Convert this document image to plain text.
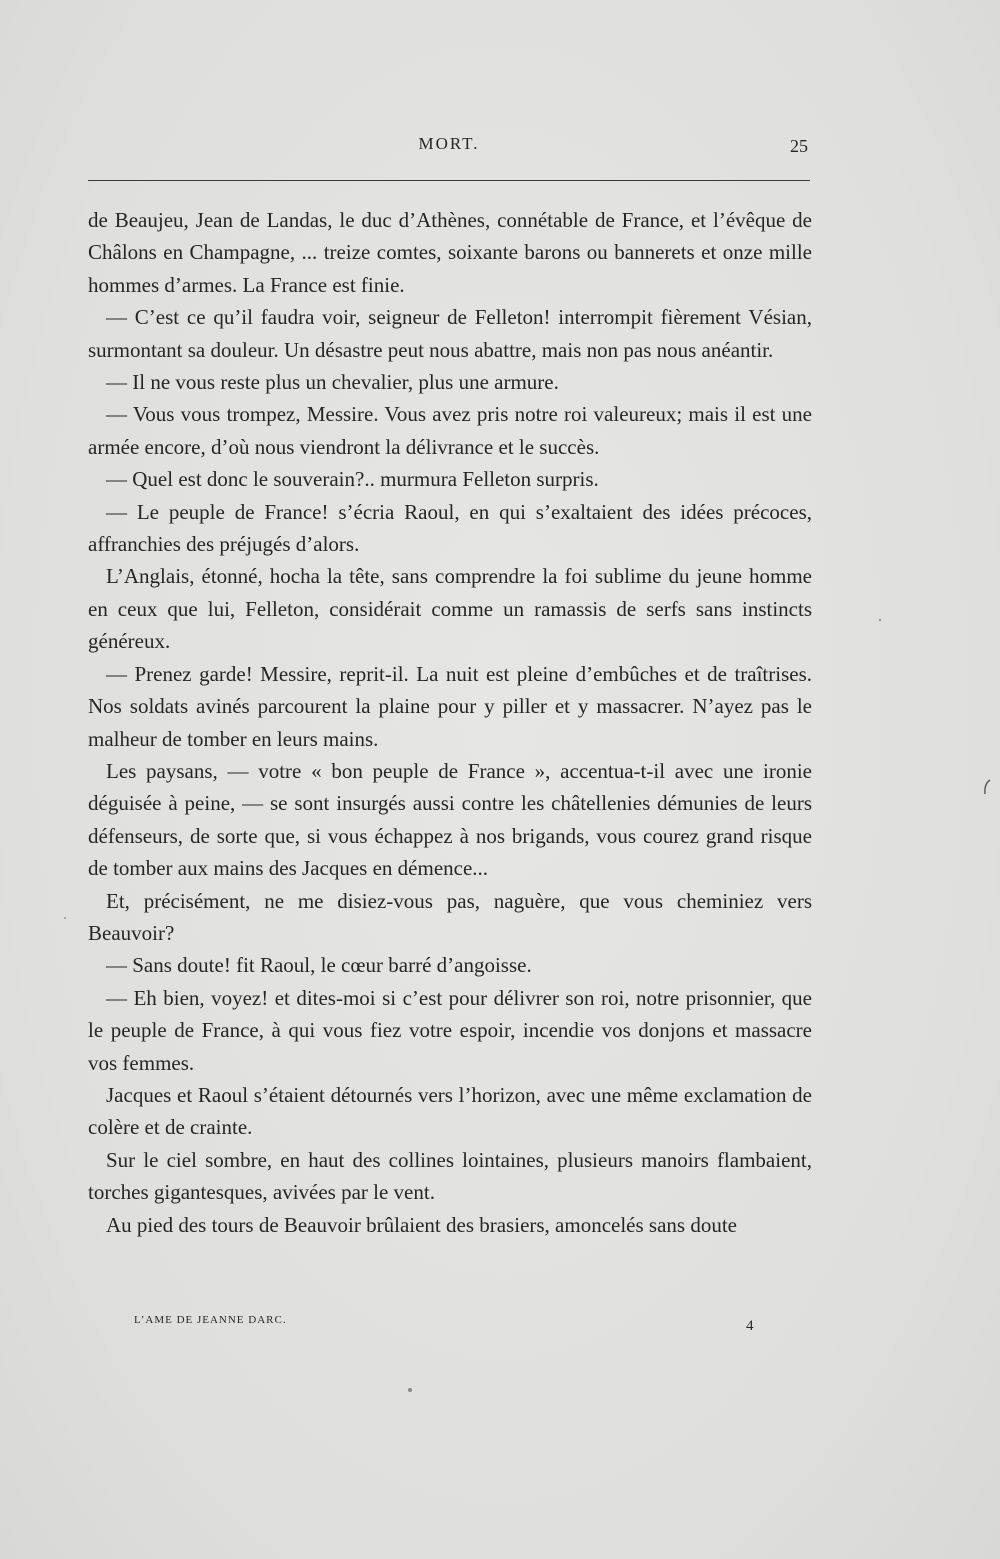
MORT.	25

de Beaujeu, Jean de Landas, le duc d’Athènes, connétable de France, et l’évêque de Châlons en Champagne, ... treize comtes, soixante barons ou bannerets et onze mille hommes d’armes. La France est finie.

— C’est ce qu’il faudra voir, seigneur de Felleton! interrompit fièrement Vésian, surmontant sa douleur. Un désastre peut nous abattre, mais non pas nous anéantir.

— Il ne vous reste plus un chevalier, plus une armure.

— Vous vous trompez, Messire. Vous avez pris notre roi valeureux; mais il est une armée encore, d’où nous viendront la délivrance et le succès.

— Quel est donc le souverain?.. murmura Felleton surpris.

— Le peuple de France! s’écria Raoul, en qui s’exaltaient des idées précoces, affranchies des préjugés d’alors.

L’Anglais, étonné, hocha la tête, sans comprendre la foi sublime du jeune homme en ceux que lui, Felleton, considérait comme un ramassis de serfs sans instincts généreux.

— Prenez garde! Messire, reprit-il. La nuit est pleine d’embûches et de traîtrises. Nos soldats avinés parcourent la plaine pour y piller et y massacrer. N’ayez pas le malheur de tomber en leurs mains.

Les paysans, — votre « bon peuple de France », accentua-t-il avec une ironie déguisée à peine, — se sont insurgés aussi contre les châtellenies démunies de leurs défenseurs, de sorte que, si vous échappez à nos brigands, vous courez grand risque de tomber aux mains des Jacques en démence...

Et, précisément, ne me disiez-vous pas, naguère, que vous cheminiez vers Beauvoir?

— Sans doute! fit Raoul, le cœur barré d’angoisse.

— Eh bien, voyez! et dites-moi si c’est pour délivrer son roi, notre prisonnier, que le peuple de France, à qui vous fiez votre espoir, incendie vos donjons et massacre vos femmes.

Jacques et Raoul s’étaient détournés vers l’horizon, avec une même exclamation de colère et de crainte.

Sur le ciel sombre, en haut des collines lointaines, plusieurs manoirs flambaient, torches gigantesques, avivées par le vent.

Au pied des tours de Beauvoir brûlaient des brasiers, amoncelés sans doute

L’AME DE JEANNE DARC.	4
